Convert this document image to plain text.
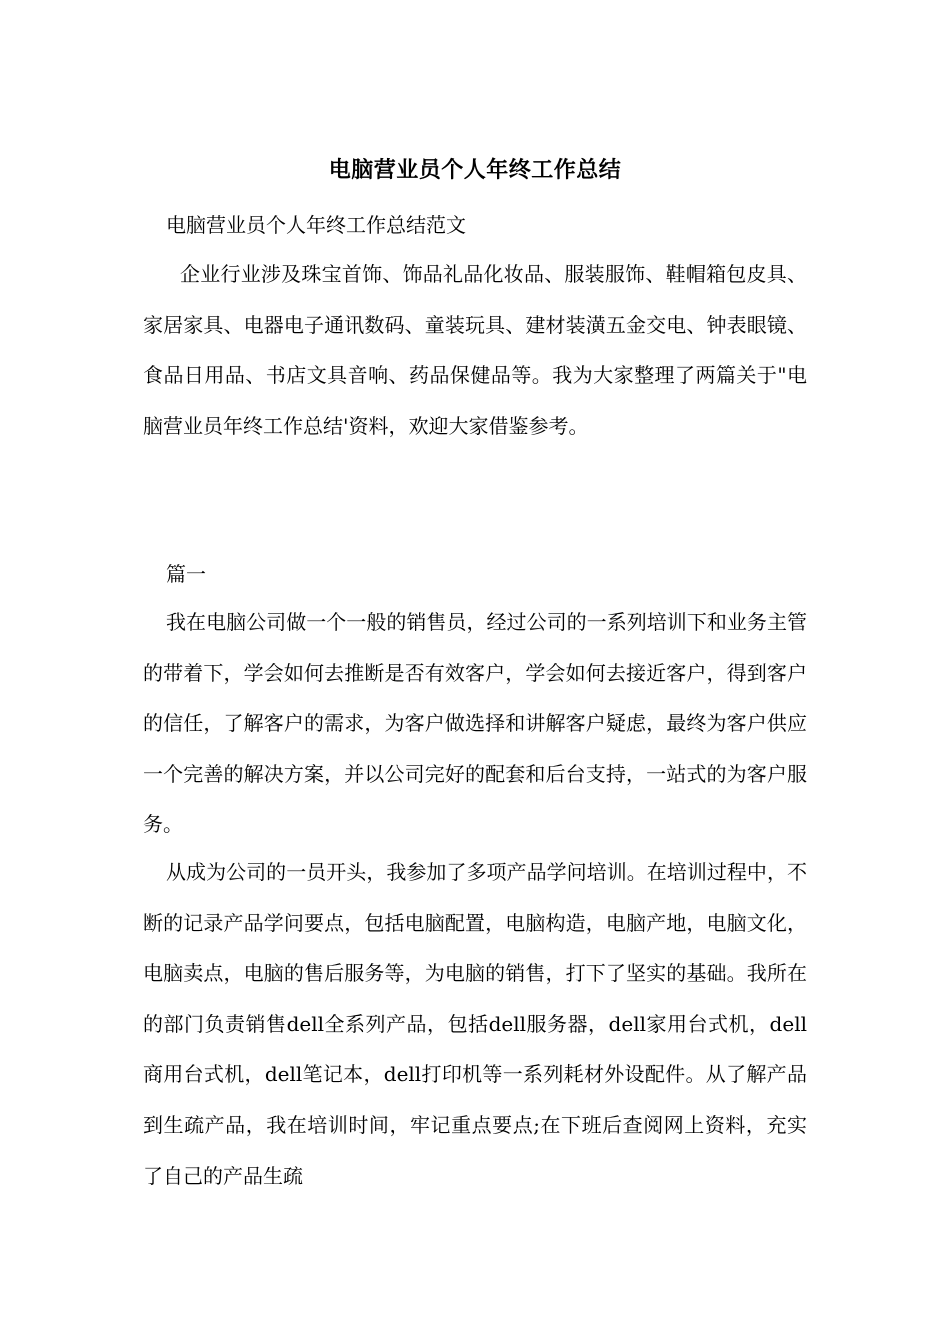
电脑营业员个人年终工作总结
电脑营业员个人年终工作总结范文

企业行业涉及珠宝首饰、饰品礼品化妆品、服装服饰、鞋帽箱包皮具、家居家具、电器电子通讯数码、童装玩具、建材装潢五金交电、钟表眼镜、食品日用品、书店文具音响、药品保健品等。我为大家整理了两篇关于"电脑营业员年终工作总结'资料，欢迎大家借鉴参考。

篇一

我在电脑公司做一个一般的销售员，经过公司的一系列培训下和业务主管的带着下，学会如何去推断是否有效客户，学会如何去接近客户，得到客户的信任，了解客户的需求，为客户做选择和讲解客户疑虑，最终为客户供应一个完善的解决方案，并以公司完好的配套和后台支持，一站式的为客户服务。

从成为公司的一员开头，我参加了多项产品学问培训。在培训过程中，不断的记录产品学问要点，包括电脑配置，电脑构造，电脑产地，电脑文化，电脑卖点，电脑的售后服务等，为电脑的销售，打下了坚实的基础。我所在的部门负责销售dell全系列产品，包括dell服务器，dell家用台式机，dell商用台式机，dell笔记本，dell打印机等一系列耗材外设配件。从了解产品到生疏产品，我在培训时间，牢记重点要点;在下班后查阅网上资料，充实了自己的产品生疏
